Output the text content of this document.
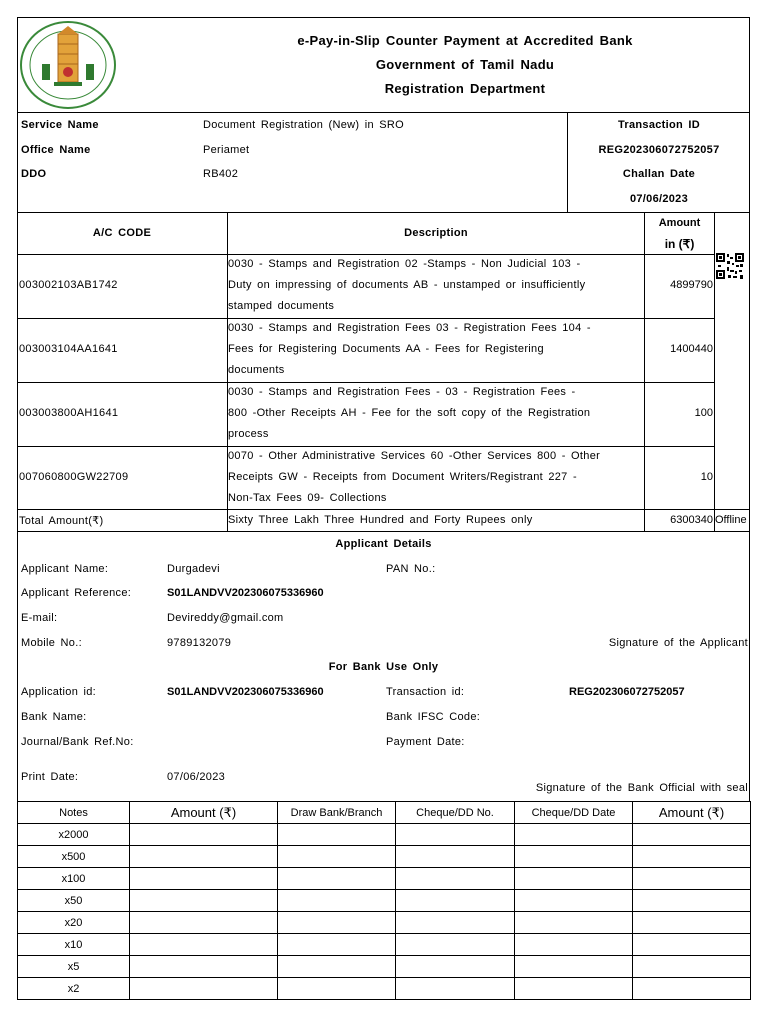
e-Pay-in-Slip Counter Payment at Accredited Bank
Government of Tamil Nadu
Registration Department
Service Name	Document Registration (New) in SRO
Office Name	Periamet
DDO	RB402
Transaction ID
REG202306072752057
Challan Date
07/06/2023
A/C CODE	Description
Amount
in (₹)
003002103AB1742
0030 - Stamps and Registration 02 -Stamps - Non Judicial 103 -
Duty on impressing of documents AB - unstamped or insufficiently
stamped documents
4899790
003003104AA1641
0030 - Stamps and Registration Fees 03 - Registration Fees 104 -
Fees for Registering Documents AA - Fees for Registering
documents
1400440
003003800AH1641
0030 - Stamps and Registration Fees - 03 - Registration Fees -
800 -Other Receipts AH - Fee for the soft copy of the Registration
process
100
007060800GW22709
0070 - Other Administrative Services 60 -Other Services 800 - Other
Receipts GW - Receipts from Document Writers/Registrant 227 -
Non-Tax Fees 09- Collections
10
Total Amount(₹)	Sixty Three Lakh Three Hundred and Forty Rupees only	6300340 Offline
Applicant Details
Applicant Name:	Durgadevi	PAN No.:
Applicant Reference:	S01LANDVV20230607533696​0
E-mail:	Devireddy@gmail.com
Mobile No.:	9789132079	Signature of the Applicant
For Bank Use Only
Application id:	S01LANDVV202306075336960	Transaction id:	REG202306072752057
Bank Name:	Bank IFSC Code:
Journal/Bank Ref.No:	Payment Date:
Print Date:	07/06/2023
Signature of the Bank Official with seal
Notes	Amount (₹)	Draw Bank/Branch	Cheque/DD No.	Cheque/DD Date	Amount (₹)
x2000					
x500					
x100					
x50					
x20					
x10					
x5					
x2					
